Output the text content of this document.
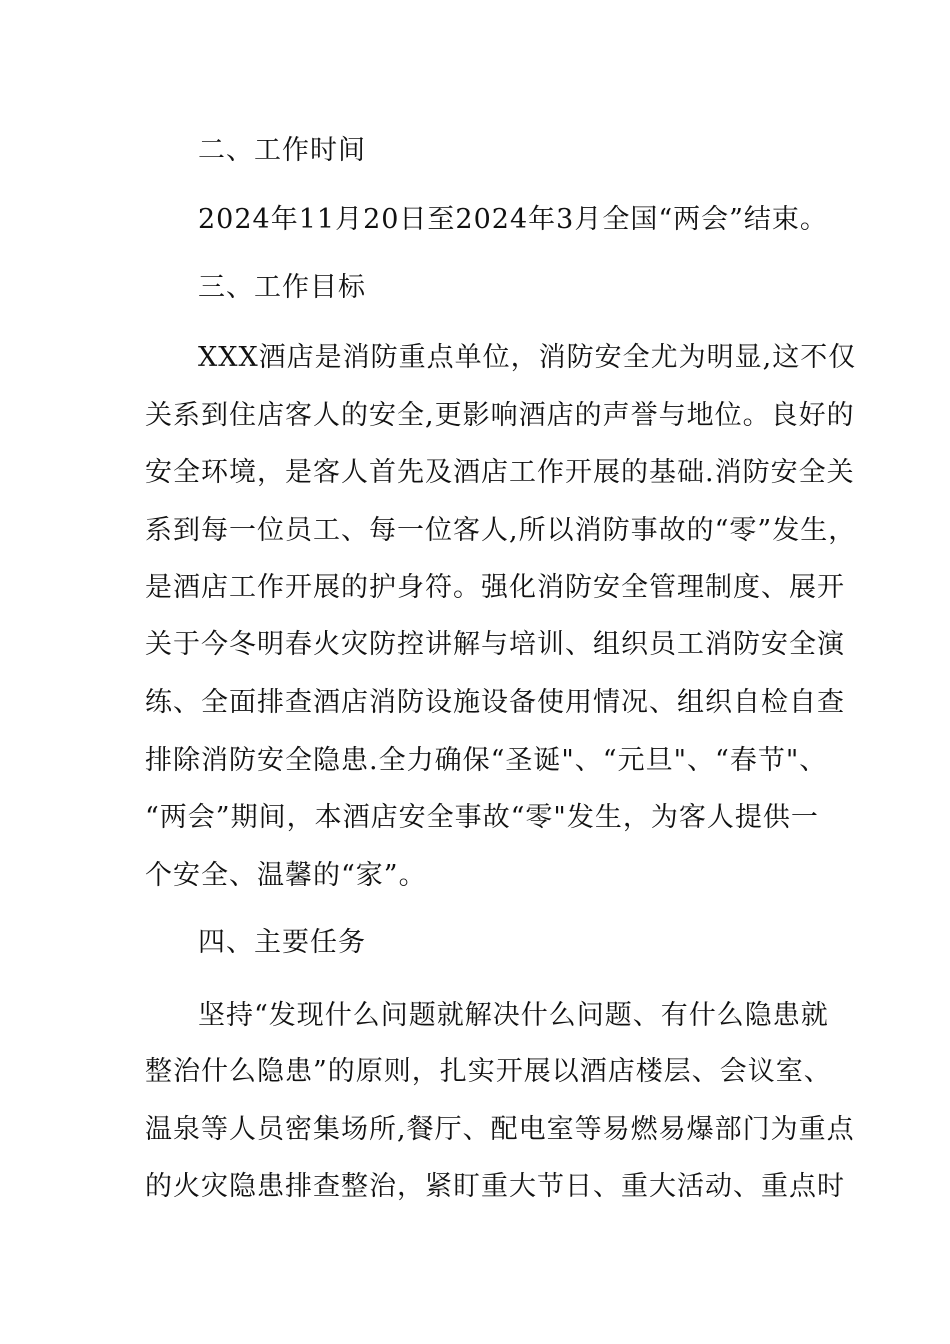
二、工作时间
2024年11月20日至2024年3月全国“两会”结束。
三、工作目标
XXX酒店是消防重点单位，消防安全尤为明显,这不仅
关系到住店客人的安全,更影响酒店的声誉与地位。良好的
安全环境，是客人首先及酒店工作开展的基础.消防安全关
系到每一位员工、每一位客人,所以消防事故的“零”发生，
是酒店工作开展的护身符。强化消防安全管理制度、展开
关于今冬明春火灾防控讲解与培训、组织员工消防安全演
练、全面排查酒店消防设施设备使用情况、组织自检自查
排除消防安全隐患.全力确保“圣诞"、“元旦"、“春节"、
“两会”期间，本酒店安全事故“零"发生，为客人提供一
个安全、温馨的“家”。
四、主要任务
坚持“发现什么问题就解决什么问题、有什么隐患就
整治什么隐患”的原则，扎实开展以酒店楼层、会议室、
温泉等人员密集场所,餐厅、配电室等易燃易爆部门为重点
的火灾隐患排查整治，紧盯重大节日、重大活动、重点时
